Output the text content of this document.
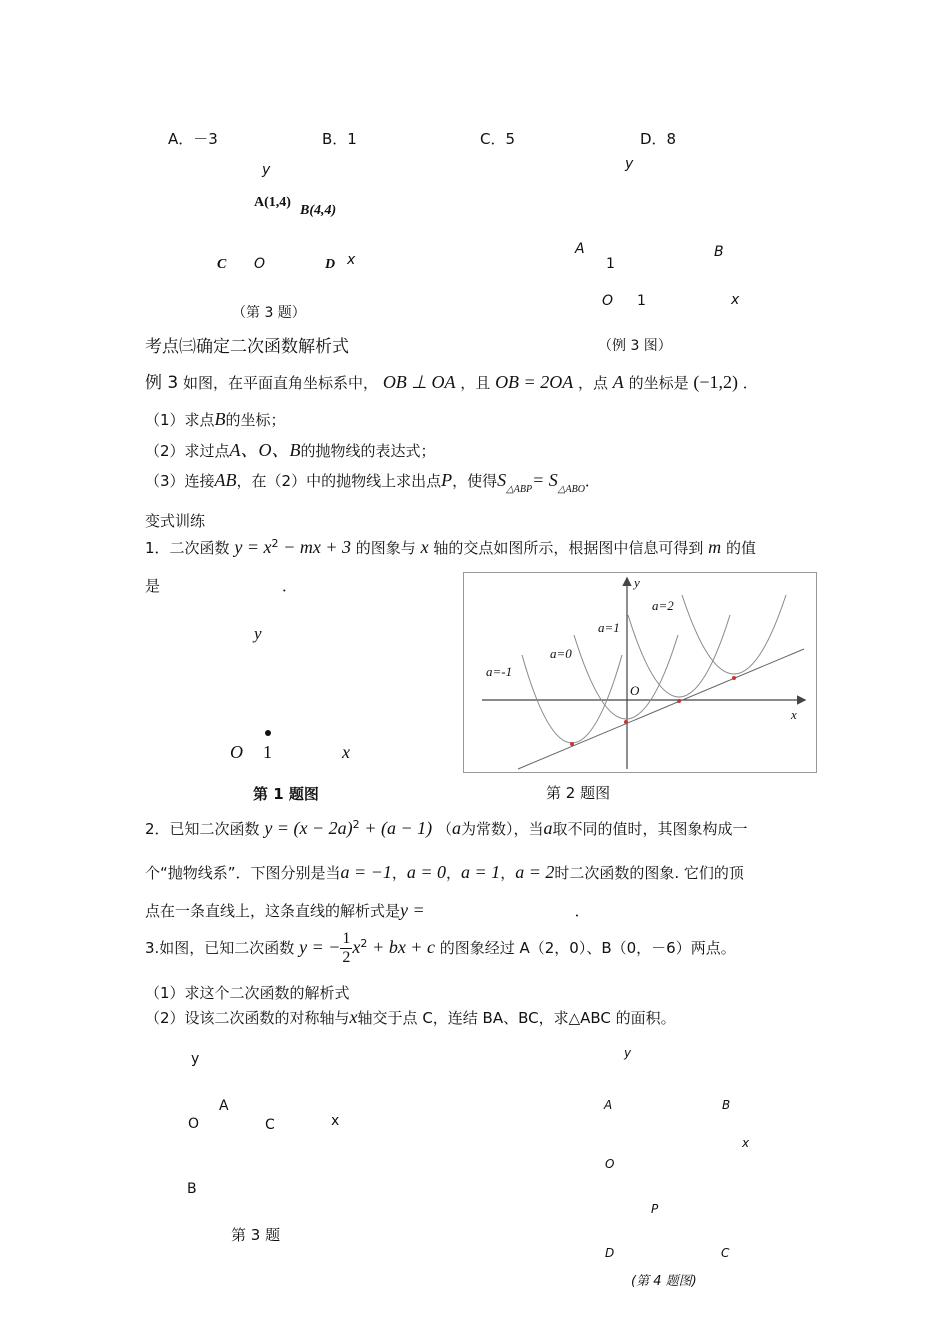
A．－3	B．1	C．5	D．8
y
A(1,4)
B(4,4)
C O	D x
（第 3 题）
y
A
1
B
O 1	x
（例 3 图）
考点㈢确定二次函数解析式
例 3 如图，在平面直角坐标系中， OB ⊥ OA ，且 OB = 2OA ，点 A 的坐标是 (−1,2) ．
（1）求点B的坐标；
（2）求过点A、O、B的抛物线的表达式；
（3）连接AB，在（2）中的抛物线上求出点P，使得$S_{\triangle ABP}= S_{\triangle ABO}$．
变式训练
1．二次函数 $y = x^2$ − mx + 3 的图象与 x 轴的交点如图所示，根据图中信息可得到 m 的值
是	．
y
O 1	x
第 1 题图
y
x
O
a=-1
a=0
a=1
a=2
第 2 题图
2．已知二次函数 $y = (x - 2a)^2 + (a - 1)$ （a为常数），当a取不同的值时，其图象构成一
个“抛物线系”．下图分别是当a = −1，a = 0，a = 1，a = 2时二次函数的图象. 它们的顶
点在一条直线上，这条直线的解析式是y =	．
3.如图，已知二次函数 y = − $\frac{1}{2} x^2$ + bx + c 的图象经过 A（2，0）、B（0，－6）两点。
（1）求这个二次函数的解析式
（2）设该二次函数的对称轴与x轴交于点 C，连结 BA、BC，求△ABC 的面积。
y
A
O	C	x
B
第 3 题
y
A	B
x
O
P
D	C
(第 4 题图)
